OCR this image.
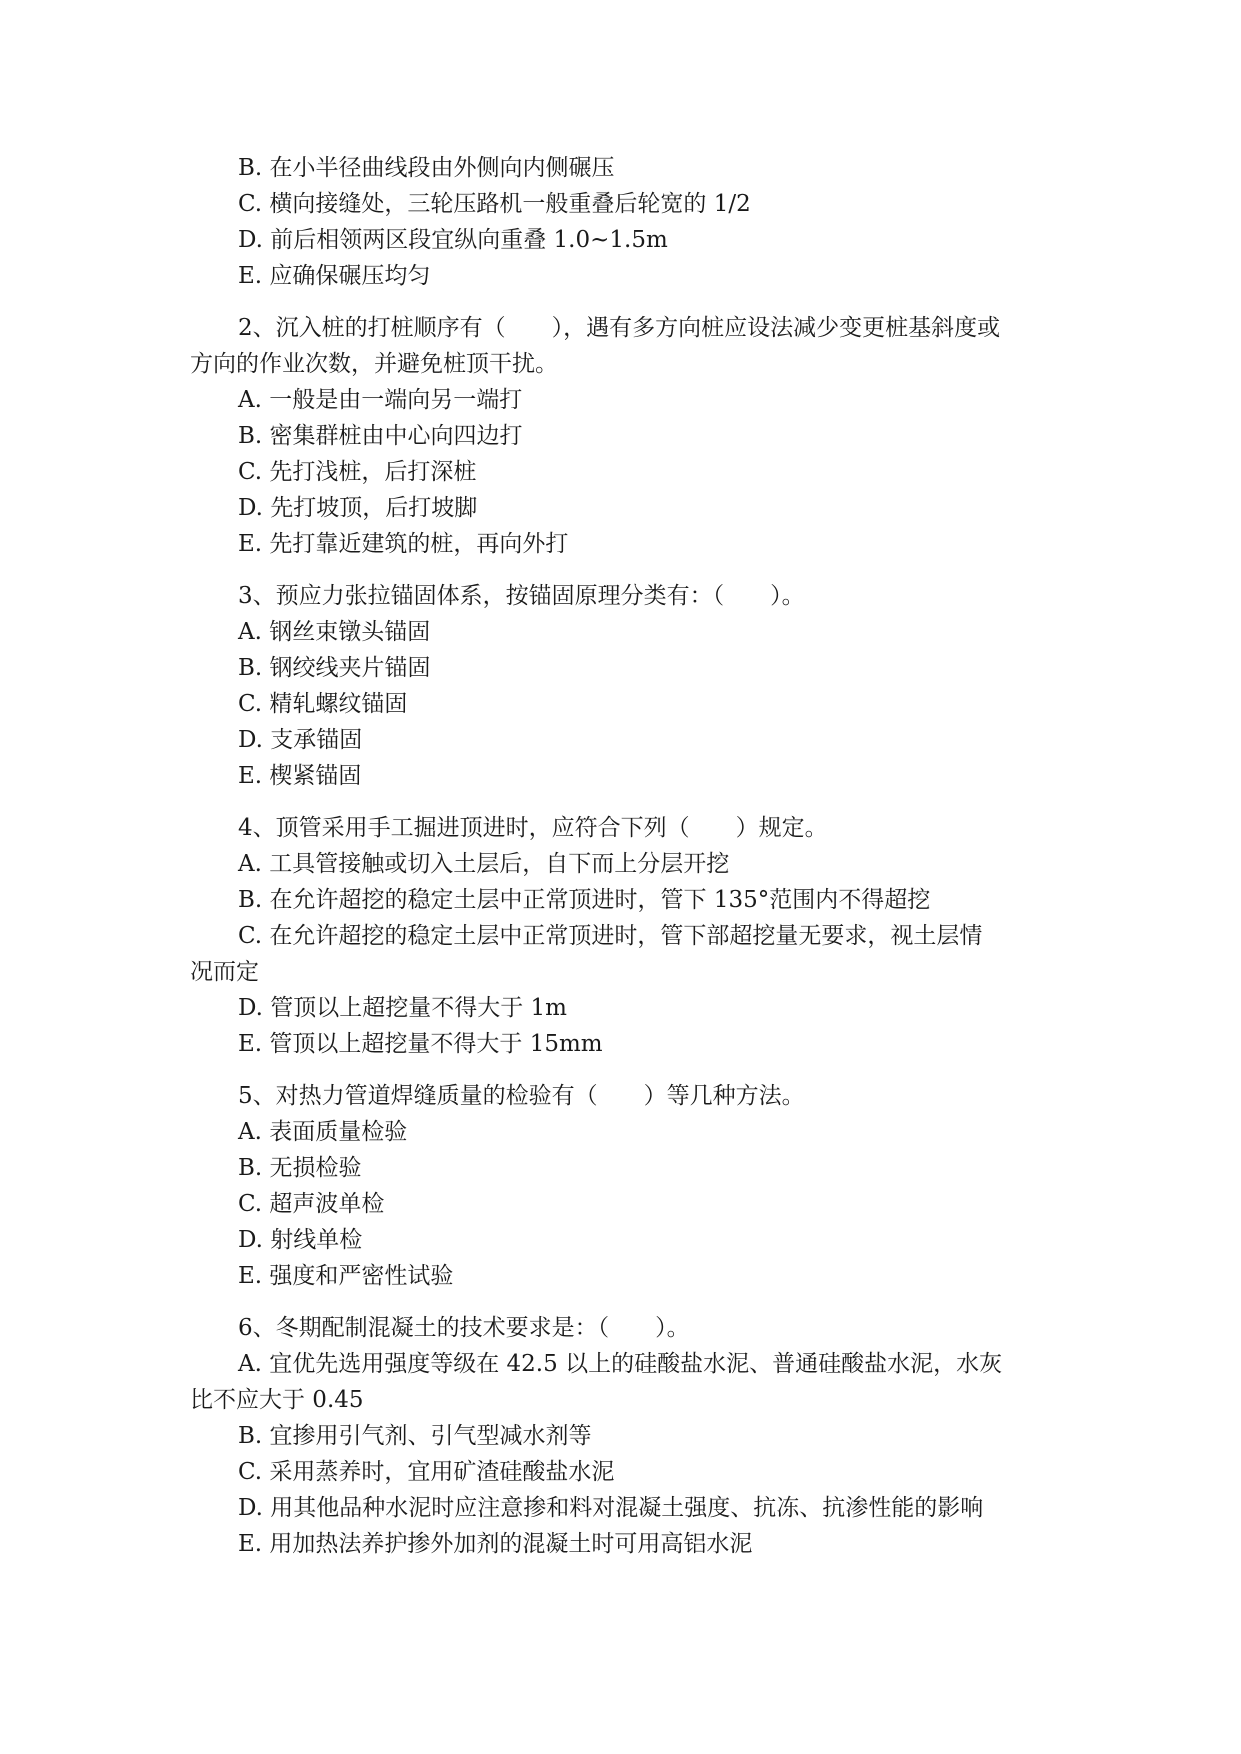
B. 在小半径曲线段由外侧向内侧碾压
C. 横向接缝处，三轮压路机一般重叠后轮宽的 1/2
D. 前后相领两区段宜纵向重叠 1.0~1.5m
E. 应确保碾压均匀
2、沉入桩的打桩顺序有（　　），遇有多方向桩应设法减少变更桩基斜度或
方向的作业次数，并避免桩顶干扰。
A. 一般是由一端向另一端打
B. 密集群桩由中心向四边打
C. 先打浅桩，后打深桩
D. 先打坡顶，后打坡脚
E. 先打靠近建筑的桩，再向外打
3、预应力张拉锚固体系，按锚固原理分类有：（　　）。
A. 钢丝束镦头锚固
B. 钢绞线夹片锚固
C. 精轧螺纹锚固
D. 支承锚固
E. 楔紧锚固
4、顶管采用手工掘进顶进时，应符合下列（　　）规定。
A. 工具管接触或切入土层后，自下而上分层开挖
B. 在允许超挖的稳定土层中正常顶进时，管下 135°范围内不得超挖
C. 在允许超挖的稳定土层中正常顶进时，管下部超挖量无要求，视土层情
况而定
D. 管顶以上超挖量不得大于 1m
E. 管顶以上超挖量不得大于 15mm
5、对热力管道焊缝质量的检验有（　　）等几种方法。
A. 表面质量检验
B. 无损检验
C. 超声波单检
D. 射线单检
E. 强度和严密性试验
6、冬期配制混凝土的技术要求是：（　　）。
A. 宜优先选用强度等级在 42.5 以上的硅酸盐水泥、普通硅酸盐水泥，水灰
比不应大于 0.45
B. 宜掺用引气剂、引气型减水剂等
C. 采用蒸养时，宜用矿渣硅酸盐水泥
D. 用其他品种水泥时应注意掺和料对混凝土强度、抗冻、抗渗性能的影响
E. 用加热法养护掺外加剂的混凝土时可用高铝水泥
